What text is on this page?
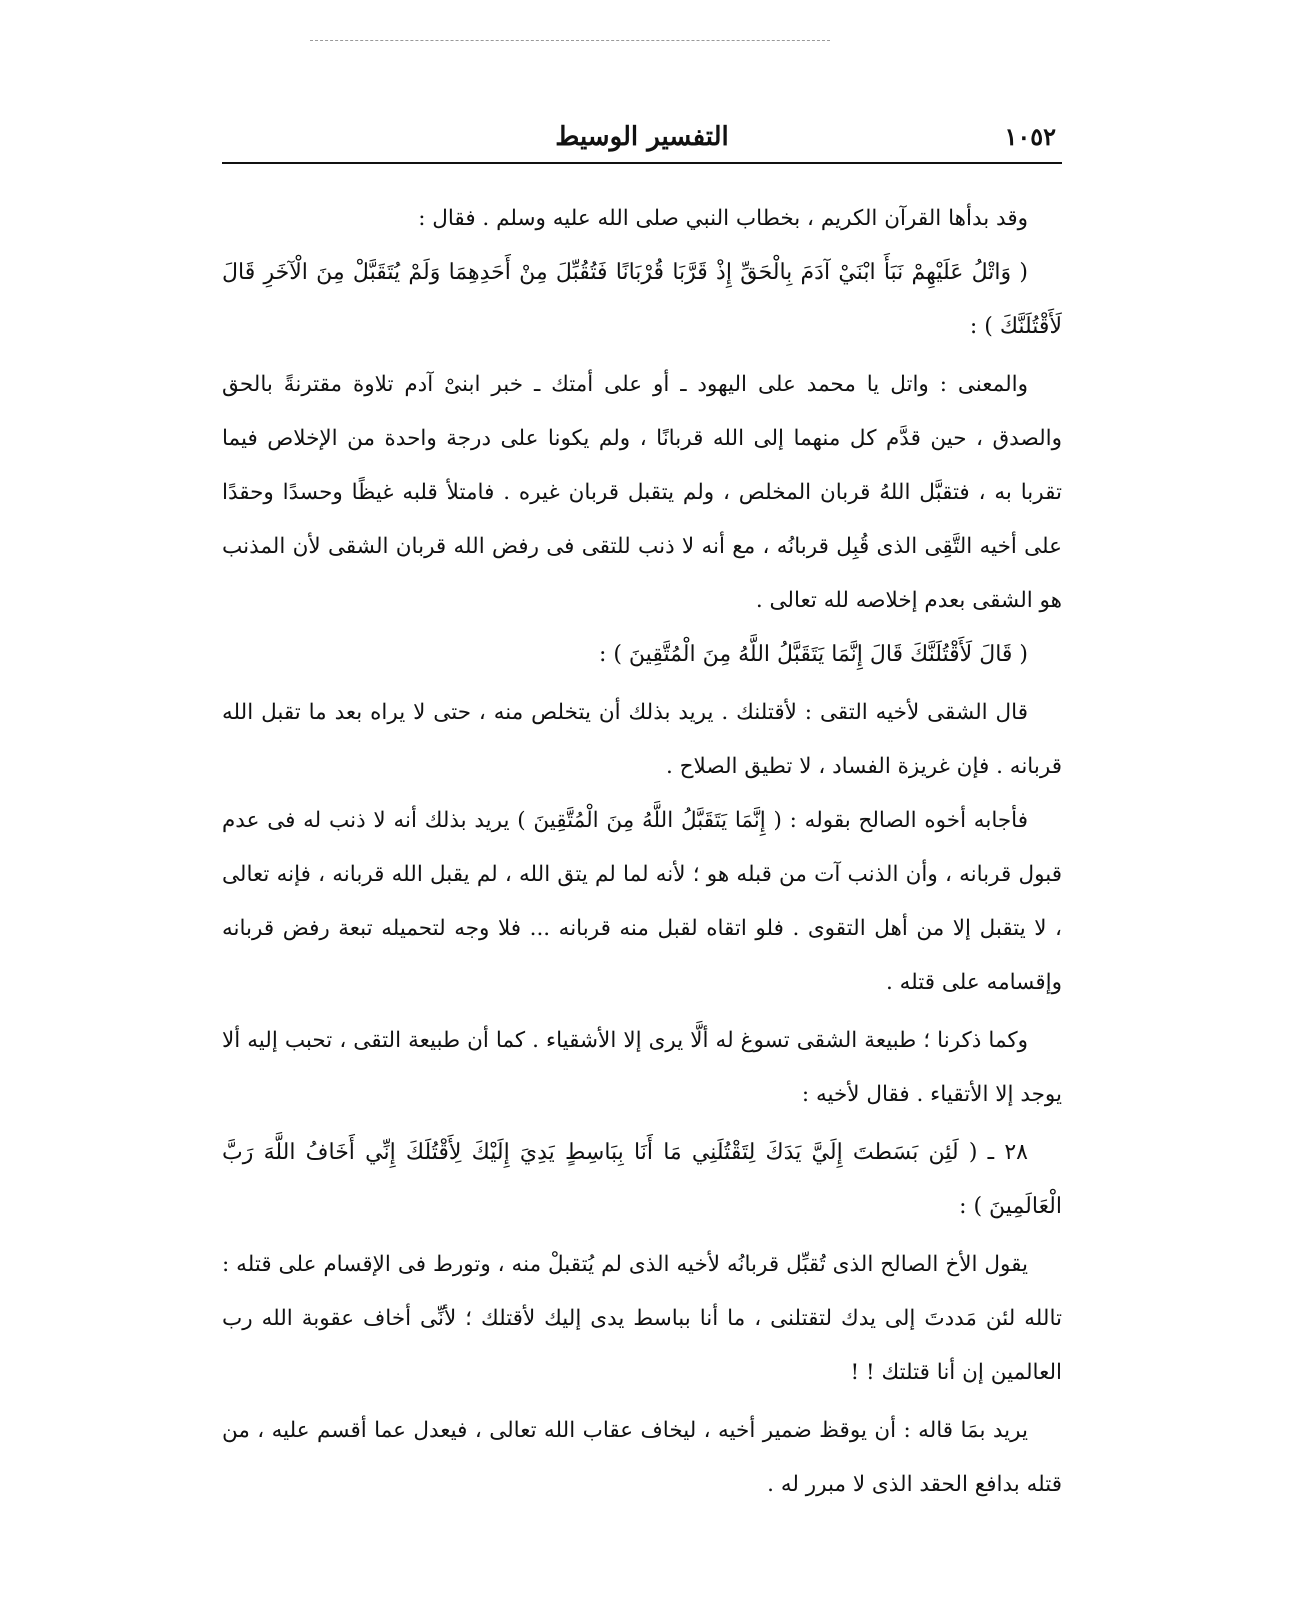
١٠٥٢
التفسير الوسيط

وقد بدأها القرآن الكريم ، بخطاب النبي صلى الله عليه وسلم . فقال :

( وَاتْلُ عَلَيْهِمْ نَبَأَ ابْنَيْ آدَمَ بِالْحَقِّ إِذْ قَرَّبَا قُرْبَانًا فَتُقُبِّلَ مِنْ أَحَدِهِمَا وَلَمْ يُتَقَبَّلْ مِنَ الْآخَرِ قَالَ لَأَقْتُلَنَّكَ ) :

والمعنى : واتل يا محمد على اليهود ـ أو على أمتك ـ خبر ابنىْ آدم تلاوة مقترنةً بالحق والصدق ، حين قدَّم كل منهما إلى الله قربانًا ، ولم يكونا على درجة واحدة من الإخلاص فيما تقربا به ، فتقبَّل اللهُ قربان المخلص ، ولم يتقبل قربان غيره . فامتلأ قلبه غيظًا وحسدًا وحقدًا على أخيه التَّقِى الذى قُبِل قربانُه ، مع أنه لا ذنب للتقى فى رفض الله قربان الشقى لأن المذنب هو الشقى بعدم إخلاصه لله تعالى .

( قَالَ لَأَقْتُلَنَّكَ قَالَ إِنَّمَا يَتَقَبَّلُ اللَّهُ مِنَ الْمُتَّقِينَ ) :

قال الشقى لأخيه التقى : لأقتلنك . يريد بذلك أن يتخلص منه ، حتى لا يراه بعد ما تقبل الله قربانه . فإن غريزة الفساد ، لا تطيق الصلاح .

فأجابه أخوه الصالح بقوله : ( إِنَّمَا يَتَقَبَّلُ اللَّهُ مِنَ الْمُتَّقِينَ ) يريد بذلك أنه لا ذنب له فى عدم قبول قربانه ، وأن الذنب آت من قبله هو ؛ لأنه لما لم يتق الله ، لم يقبل الله قربانه ، فإنه تعالى ، لا يتقبل إلا من أهل التقوى . فلو اتقاه لقبل منه قربانه ... فلا وجه لتحميله تبعة رفض قربانه وإقسامه على قتله .

وكما ذكرنا ؛ طبيعة الشقى تسوغ له ألَّا يرى إلا الأشقياء . كما أن طبيعة التقى ، تحبب إليه ألا يوجد إلا الأتقياء . فقال لأخيه :

٢٨ ـ ( لَئِن بَسَطتَ إِلَيَّ يَدَكَ لِتَقْتُلَنِي مَا أَنَا بِبَاسِطٍ يَدِيَ إِلَيْكَ لِأَقْتُلَكَ إِنِّي أَخَافُ اللَّهَ رَبَّ الْعَالَمِينَ ) :

يقول الأخ الصالح الذى تُقبِّل قربانُه لأخيه الذى لم يُتقبلْ منه ، وتورط فى الإقسام على قتله : تالله لئن مَددتَ إلى يدك لتقتلنى ، ما أنا بباسط يدى إليك لأقتلك ؛ لأنِّى أخاف عقوبة الله رب العالمين إن أنا قتلتك ! !

يريد بمَا قاله : أن يوقظ ضمير أخيه ، ليخاف عقاب الله تعالى ، فيعدل عما أقسم عليه ، من قتله بدافع الحقد الذى لا مبرر له .
